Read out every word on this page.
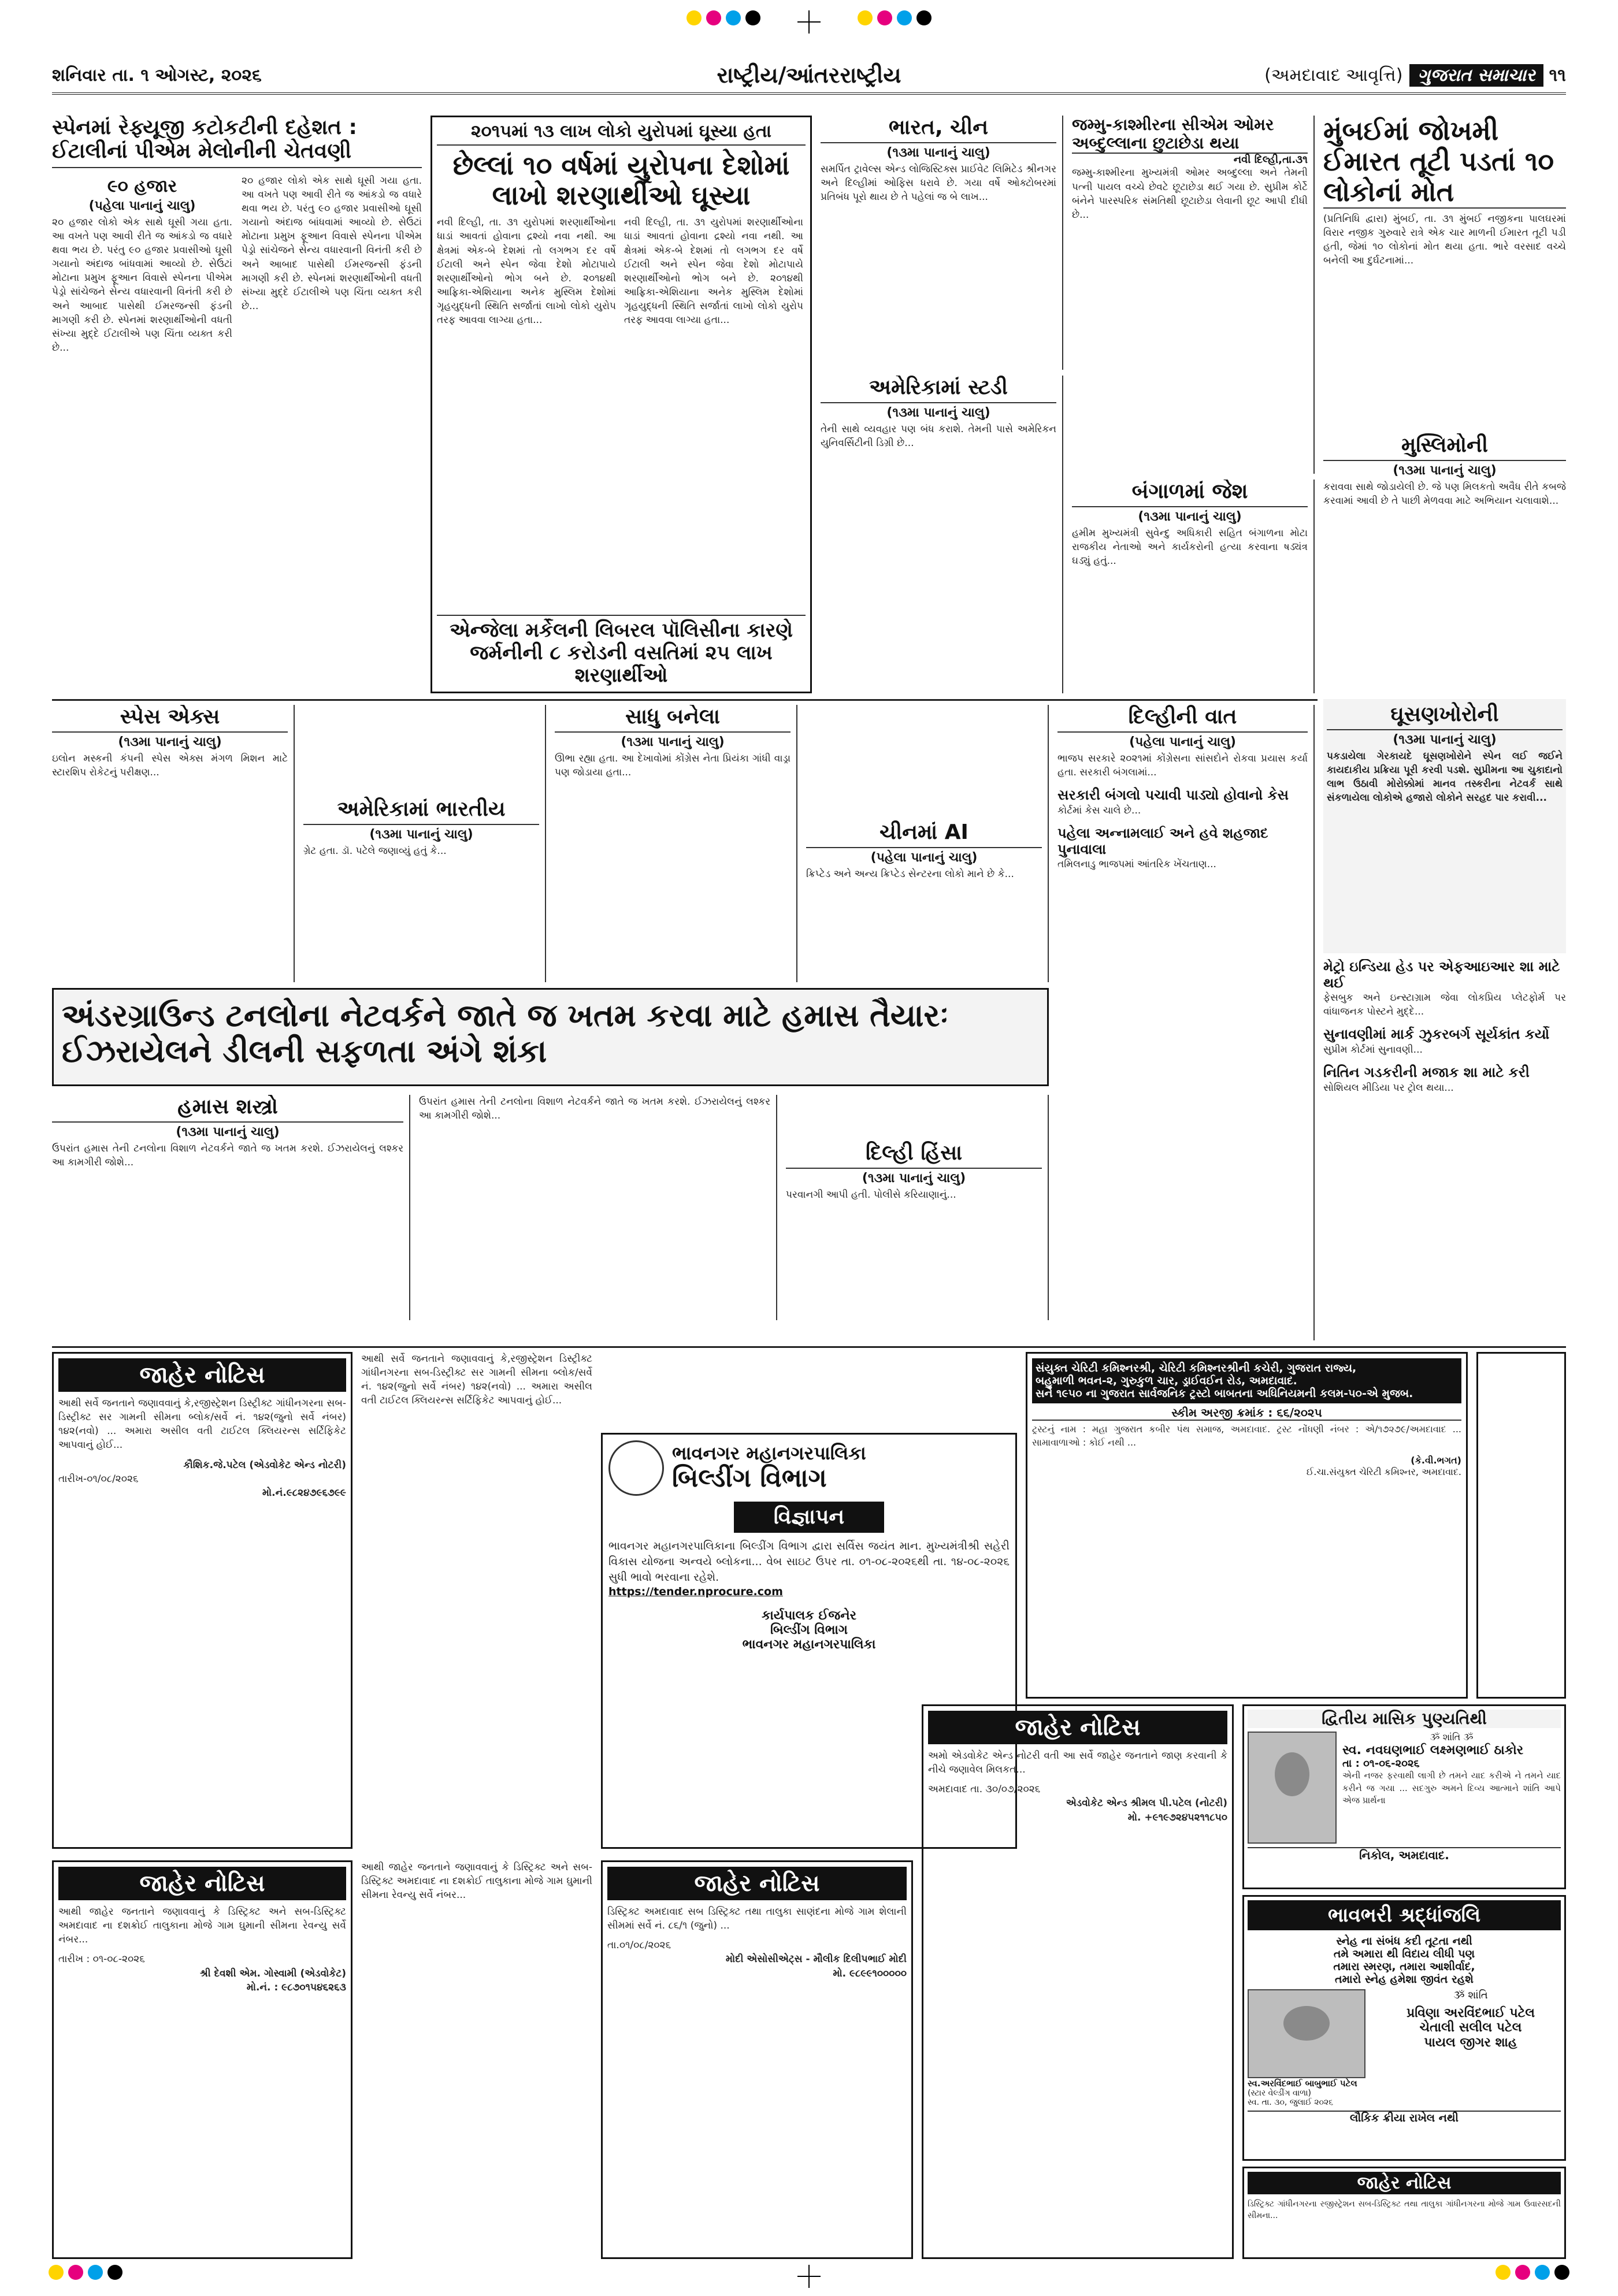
શનિવાર તા. ૧ ઓગસ્ટ, ૨૦૨૬	રાષ્ટ્રીય/આંતરરાષ્ટ્રીય	(અમદાવાદ આવૃત્તિ) ગુજરાત સમાચાર ૧૧
સ્પેનમાં રેફ્યૂજી કટોકટીની દહેશત : ઈટાલીનાં પીએમ મેલોનીની ચેતવણી
૯૦ હજાર
(પહેલા પાનાનું ચાલુ)
૨૦ હજાર લોકો એક સાથે ઘૂસી ગયા હતા. આ વખતે પણ આવી રીતે જ આંકડો જ વધારે થવા ભય છે. પરંતુ ૯૦ હજાર પ્રવાસીઓ ઘૂસી ગયાનો અંદાજ બાંધવામાં આવ્યો છે. સેઉટાં મોટાના પ્રમુખ ફૂઆન વિવાસે સ્પેનના પીએમ પેડ્રો સાંચેજને સેન્ય વધારવાની વિનંતી કરી છે અને આબાદ પાસેથી ઈમરજન્સી ફંડની માગણી કરી છે. સ્પેનમાં શરણાર્થીઓની વધતી સંખ્યા મુદ્દે ઈટાલીએ પણ ચિંતા વ્યક્ત કરી છે...
૨૦ હજાર લોકો એક સાથે ઘૂસી ગયા હતા. આ વખતે પણ આવી રીતે જ આંકડો જ વધારે થવા ભય છે. પરંતુ ૯૦ હજાર પ્રવાસીઓ ઘૂસી ગયાનો અંદાજ બાંધવામાં આવ્યો છે. સેઉટાં મોટાના પ્રમુખ ફૂઆન વિવાસે સ્પેનના પીએમ પેડ્રો સાંચેજને સેન્ય વધારવાની વિનંતી કરી છે અને આબાદ પાસેથી ઈમરજન્સી ફંડની માગણી કરી છે. સ્પેનમાં શરણાર્થીઓની વધતી સંખ્યા મુદ્દે ઈટાલીએ પણ ચિંતા વ્યક્ત કરી છે...
૨૦૧૫માં ૧૩ લાખ લોકો યુરોપમાં ઘૂસ્યા હતા
છેલ્લાં ૧૦ વર્ષમાં યુરોપના દેશોમાં લાખો શરણાર્થીઓ ઘૂસ્યા
નવી દિલ્હી, તા. ૩૧ યુરોપમાં શરણાર્થીઓના ધાડાં આવતાં હોવાના દ્રશ્યો નવા નથી. આ ક્ષેત્રમાં એક-બે દેશમાં તો લગભગ દર વર્ષે ઈટાલી અને સ્પેન જેવા દેશો મોટાપાયે શરણાર્થીઓનો ભોગ બને છે. ૨૦૧૪થી આફ્રિકા-એશિયાના અનેક મુસ્લિમ દેશોમાં ગૃહયુદ્ધની સ્થિતિ સર્જાતાં લાખો લોકો યુરોપ તરફ આવવા લાગ્યા હતા...
નવી દિલ્હી, તા. ૩૧ યુરોપમાં શરણાર્થીઓના ધાડાં આવતાં હોવાના દ્રશ્યો નવા નથી. આ ક્ષેત્રમાં એક-બે દેશમાં તો લગભગ દર વર્ષે ઈટાલી અને સ્પેન જેવા દેશો મોટાપાયે શરણાર્થીઓનો ભોગ બને છે. ૨૦૧૪થી આફ્રિકા-એશિયાના અનેક મુસ્લિમ દેશોમાં ગૃહયુદ્ધની સ્થિતિ સર્જાતાં લાખો લોકો યુરોપ તરફ આવવા લાગ્યા હતા...
એન્જેલા મર્કેલની લિબરલ પૉલિસીના કારણે જર્મનીની ૮ કરોડની વસતિમાં ૨૫ લાખ શરણાર્થીઓ
ભારત, ચીન
(૧૩મા પાનાનું ચાલુ)
સમર્પિત ટ્રાવેલ્સ એન્ડ લોજિસ્ટિક્સ પ્રાઈવેટ લિમિટેડ શ્રીનગર અને દિલ્હીમાં ઓફિસ ધરાવે છે. ગયા વર્ષે ઓક્ટોબરમાં પ્રતિબંધ પૂરો થાય છે તે પહેલાં જ બે લાખ...
અમેરિકામાં સ્ટડી
(૧૩મા પાનાનું ચાલુ)
તેની સાથે વ્યવહાર પણ બંધ કરાશે. તેમની પાસે અમેરિકન યુનિવર્સિટીની ડિગ્રી છે...
જમ્મુ-કાશ્મીરના સીએમ ઓમર અબ્દુલ્લાના છુટાછેડા થયા
નવી દિલ્હી,તા.૩૧
જમ્મુ-કાશ્મીરના મુખ્યમંત્રી ઓમર અબ્દુલ્લા અને તેમની પત્ની પાયલ વચ્ચે છેવટે છૂટાછેડા થઈ ગયા છે. સુપ્રીમ કોર્ટે બંનેને પારસ્પરિક સંમતિથી છૂટાછેડા લેવાની છૂટ આપી દીધી છે...
બંગાળમાં જેશ
(૧૩મા પાનાનું ચાલુ)
હમીમ મુખ્યમંત્રી સુવેન્દુ અધિકારી સહિત બંગાળના મોટા રાજકીય નેતાઓ અને કાર્યકરોની હત્યા કરવાના ષડ્યંત્ર ઘડ્યું હતું...
મુંબઈમાં જોખમી ઈમારત તૂટી પડતાં ૧૦ લોકોનાં મોત
(પ્રતિનિધિ દ્વારા) મુંબઈ, તા. ૩૧ મુંબઈ નજીકના પાલઘરમાં વિરાર નજીક ગુરુવારે રાત્રે એક ચાર માળની ઈમારત તૂટી પડી હતી, જેમાં ૧૦ લોકોનાં મોત થયા હતા. ભારે વરસાદ વચ્ચે બનેલી આ દુર્ઘટનામાં...
મુસ્લિમોની
(૧૩મા પાનાનું ચાલુ)
કરાવવા સાથે જોડાયેલી છે. જે પણ મિલકતો અવૈધ રીતે કબજે કરવામાં આવી છે તે પાછી મેળવવા માટે અભિયાન ચલાવાશે...
ઘૂસણખોરોની
(૧૩મા પાનાનું ચાલુ)
પકડાયેલા ગેરકાયદે ઘૂસણખોરોને સ્પેન લઈ જઈને કાયદાકીય પ્રક્રિયા પૂરી કરવી પડશે. સુપ્રીમના આ ચુકાદાનો લાભ ઉઠાવી મોરોક્કોમાં માનવ તસ્કરીના નેટવર્ક સાથે સંકળાયેલા લોકોએ હજારો લોકોને સરહદ પાર કરાવી...
સ્પેસ એક્સ
(૧૩મા પાનાનું ચાલુ)
ઇલોન મસ્કની કંપની સ્પેસ એક્સ મંગળ મિશન માટે સ્ટારશિપ રોકેટનું પરીક્ષણ...
અમેરિકામાં ભારતીય
(૧૩મા પાનાનું ચાલુ)
ગ્રેટ હતા. ડૉ. પટેલે જણાવ્યું હતું કે...
સાધુ બનેલા
(૧૩મા પાનાનું ચાલુ)
ઊભા રહ્યા હતા. આ દેખાવોમાં કોંગ્રેસ નેતા પ્રિયંકા ગાંધી વાડ્રા પણ જોડાયા હતા...
ચીનમાં AI
(પહેલા પાનાનું ચાલુ)
ક્રિપ્ટેડ અને અન્ય ક્રિપ્ટેડ સેન્ટરના લોકો માને છે કે...
દિલ્હીની વાત
(પહેલા પાનાનું ચાલુ)
ભાજપ સરકારે ૨૦૨૧માં કોંગ્રેસના સાંસદોને રોકવા પ્રયાસ કર્યા હતા. સરકારી બંગલામાં...
સરકારી બંગલો પચાવી પાડ્યો હોવાનો કેસ
કોર્ટમાં કેસ ચાલે છે...
પહેલા અન્નામલાઈ અને હવે શહજાદ પુનાવાલા
તમિલનાડુ ભાજપમાં આંતરિક ખેંચતાણ...
અંડરગ્રાઉન્ડ ટનલોના નેટવર્કને જાતે જ ખતમ કરવા માટે હમાસ તૈયારઃ ઈઝરાયેલને ડીલની સફળતા અંગે શંકા
હમાસ શસ્ત્રો
(૧૩મા પાનાનું ચાલુ)
ઉપરાંત હમાસ તેની ટનલોના વિશાળ નેટવર્કને જાતે જ ખતમ કરશે. ઈઝરાયેલનું લશ્કર આ કામગીરી જોશે...
ઉપરાંત હમાસ તેની ટનલોના વિશાળ નેટવર્કને જાતે જ ખતમ કરશે. ઈઝરાયેલનું લશ્કર આ કામગીરી જોશે...
દિલ્હી હિંસા
(૧૩મા પાનાનું ચાલુ)
પરવાનગી આપી હતી. પોલીસે કરિયાણાનું...
મેટ્રો ઇન્ડિયા હેડ પર એફઆઇઆર શા માટે થઈ
ફેસબુક અને ઇન્સ્ટાગ્રામ જેવા લોકપ્રિય પ્લેટફોર્મ પર વાંધાજનક પોસ્ટને મુદ્દે...
સુનાવણીમાં માર્ક ઝુકરબર્ગ સૂર્યકાંત કર્યો
સુપ્રીમ કોર્ટમાં સુનાવણી...
નિતિન ગડકરીની મજાક શા માટે કરી
સોશિયલ મીડિયા પર ટ્રોલ થયા...
જાહેર નોટિસ
આથી સર્વે જનતાને જણાવવાનું કે,રજીસ્ટ્રેશન ડિસ્ટ્રીક્ટ ગાંધીનગરના સબ-ડિસ્ટ્રીક્ટ સર ગામની સીમના બ્લોક/સર્વે નં. ૧૪૨(જુનો સર્વે નંબર) ૧૪૨(નવો) ... અમારા અસીલ વતી ટાઈટલ ક્લિયરન્સ સર્ટિફિકેટ આપવાનું હોઈ...
કૌશિક.જે.પટેલ (એડવોકેટ એન્ડ નોટરી)
તારીખ-૦૧/૦૮/૨૦૨૬
મો.નં.૯૮૨૪૭૯૬૭૯૯
આથી સર્વે જનતાને જણાવવાનું કે,રજીસ્ટ્રેશન ડિસ્ટ્રીક્ટ ગાંધીનગરના સબ-ડિસ્ટ્રીક્ટ સર ગામની સીમના બ્લોક/સર્વે નં. ૧૪૨(જુનો સર્વે નંબર) ૧૪૨(નવો) ... અમારા અસીલ વતી ટાઈટલ ક્લિયરન્સ સર્ટિફિકેટ આપવાનું હોઈ...
ભાવનગર મહાનગરપાલિકા
બિલ્ડીંગ વિભાગ
વિજ્ઞાપન
ભાવનગર મહાનગરપાલિકાના બિલ્ડીંગ વિભાગ દ્વારા સર્વિસ જયંત માન. મુખ્યમંત્રીશ્રી સહેરી વિકાસ યોજના અન્વયે બ્લોકના... વેબ સાઇટ ઉપર તા. ૦૧-૦૮-૨૦૨૬થી તા. ૧૪-૦૮-૨૦૨૬ સુધી ભાવો ભરવાના રહેશે.
https://tender.nprocure.com
કાર્યપાલક ઈજનેર
બિલ્ડીંગ વિભાગ
ભાવનગર મહાનગરપાલિકા
સંયુક્ત ચેરિટી કમિશ્નરશ્રી, ચેરિટી કમિશ્નરશ્રીની કચેરી, ગુજરાત રાજ્ય,
બહુમાળી ભવન-૨, ગુરુકુળ ચાર, ડ્રાઈવઈન રોડ, અમદાવાદ.
સને ૧૯૫૦ ના ગુજરાત સાર્વજનિક ટ્રસ્ટો બાબતના અધિનિયમની કલમ-૫૦-એ મુજબ.
સ્કીમ અરજી ક્રમાંક : ૬૬/૨૦૨૫
ટ્રસ્ટનું નામ : મહા ગુજરાત કબીર પંથ સમાજ, અમદાવાદ. ટ્રસ્ટ નોંધણી નંબર : એ/૧૭૨૭૯/અમદાવાદ ... સામાવાળાઓ : કોઈ નથી ...
(કે.વી.ભગત)
ઈ.ચા.સંયુક્ત ચેરિટી કમિશ્નર, અમદાવાદ.
દ્વિતીય માસિક પુણ્યતિથી
ૐ શાંતિ ૐ
સ્વ. નવઘણભાઈ લક્ષ્મણભાઈ ઠાકોર
તા : ૦૧-૦૬-૨૦૨૬
એની નજર ફરવાથી લાગી છે તમને યાદ કરીએ ને તમને યાદ કરીને જ ગયા ... સદગુરુ અમને દિવ્ય આત્માને શાંતિ આપે એજ પ્રાર્થના
નિકોલ, અમદાવાદ.
ભાવભરી શ્રદ્ધાંજલિ
સ્નેહ ના સંબંધ કદી તૂટતા નથી
તમે અમારા થી વિદાય લીધી પણ
તમારા સ્મરણ, તમારા આશીર્વાદ,
તમારો સ્નેહ હમેશા જીવંત રહશે
સ્વ.અરવિંદભાઈ બાબુભાઈ પટેલ
(સ્ટાર વેલ્ડીંગ વાળા)
સ્વ. તા. ૩૦, જુલાઈ ૨૦૨૬
ૐ શાંતિ
પ્રવિણા અરવિંદભાઈ પટેલ
ચેતાલી સલીલ પટેલ
પાયલ જીગર શાહ
લૌકિક ક્રીયા રાખેલ નથી
જાહેર નોટિસ
આથી જાહેર જનતાને જણાવવાનું કે ડિસ્ટ્રિક્ટ અને સબ-ડિસ્ટ્રિક્ટ અમદાવાદ ના દશક્રોઈ તાલુકાના મોજે ગામ ઘુમાની સીમના રેવન્યુ સર્વે નંબર...
તારીખ : ૦૧-૦૮-૨૦૨૬
શ્રી દેવશી એમ. ગોસ્વામી (એડવોકેટ)
મો.નં. : ૯૮૭૦૧૫૪૬૨૬૩
આથી જાહેર જનતાને જણાવવાનું કે ડિસ્ટ્રિક્ટ અને સબ-ડિસ્ટ્રિક્ટ અમદાવાદ ના દશક્રોઈ તાલુકાના મોજે ગામ ઘુમાની સીમના રેવન્યુ સર્વે નંબર...	જાહેર નોટિસ
ડિસ્ટ્રિક્ટ અમદાવાદ સબ ડિસ્ટ્રિક્ટ તથા તાલુકા સાણંદના મોજે ગામ શેલાની સીમમાં સર્વે નં. ૮૬/૧ (જુનો) ...
તા.૦૧/૦૮/૨૦૨૬
મોદી એસોસીએટ્સ - મૌલીક દિલીપભાઈ મોદી
મો. ૯૮૯૯૧૦૦૦૦૦
જાહેર નોટિસ
અમો એડવોકેટ એન્ડ નોટરી વતી આ સર્વે જાહેર જનતાને જાણ કરવાની કે નીચે જણાવેલ મિલકત...
અમદાવાદ તા. ૩૦/૦૭/૨૦૨૬
એડવોકેટ એન્ડ શ્રીમલ પી.પટેલ (નોટરી)
મો. +૯૧૯૭૨૪૫૨૧૧૮૫૦
જાહેર નોટિસ
ડિસ્ટ્રિક્ટ ગાંધીનગરના રજીસ્ટ્રેશન સબ-ડિસ્ટ્રિક્ટ તથા તાલુકા ગાંધીનગરના મોજે ગામ ઉવારસદની સીમના...
